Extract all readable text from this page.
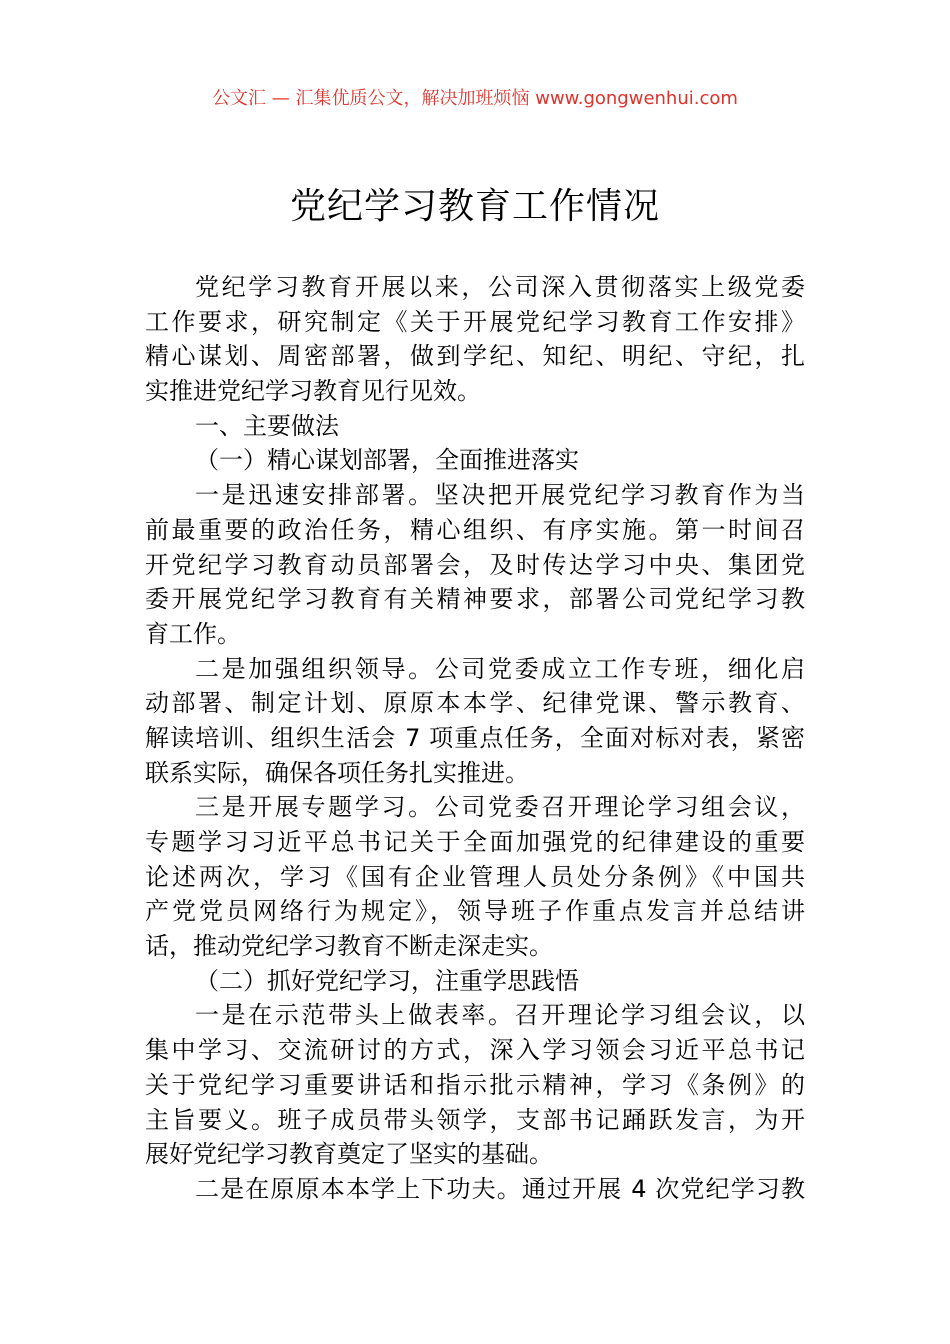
公文汇 — 汇集优质公文，解决加班烦恼 www.gongwenhui.com
党纪学习教育工作情况
党纪学习教育开展以来，公司深入贯彻落实上级党委
工作要求，研究制定《关于开展党纪学习教育工作安排》
精心谋划、周密部署，做到学纪、知纪、明纪、守纪，扎
实推进党纪学习教育见行见效。
一、主要做法
（一）精心谋划部署，全面推进落实
一是迅速安排部署。坚决把开展党纪学习教育作为当
前最重要的政治任务，精心组织、有序实施。第一时间召
开党纪学习教育动员部署会，及时传达学习中央、集团党
委开展党纪学习教育有关精神要求，部署公司党纪学习教
育工作。
二是加强组织领导。公司党委成立工作专班，细化启
动部署、制定计划、原原本本学、纪律党课、警示教育、
解读培训、组织生活会 7 项重点任务，全面对标对表，紧密
联系实际，确保各项任务扎实推进。
三是开展专题学习。公司党委召开理论学习组会议，
专题学习习近平总书记关于全面加强党的纪律建设的重要
论述两次，学习《国有企业管理人员处分条例》《中国共
产党党员网络行为规定》，领导班子作重点发言并总结讲
话，推动党纪学习教育不断走深走实。
（二）抓好党纪学习，注重学思践悟
一是在示范带头上做表率。召开理论学习组会议，以
集中学习、交流研讨的方式，深入学习领会习近平总书记
关于党纪学习重要讲话和指示批示精神，学习《条例》的
主旨要义。班子成员带头领学，支部书记踊跃发言，为开
展好党纪学习教育奠定了坚实的基础。
二是在原原本本学上下功夫。通过开展 4 次党纪学习教
